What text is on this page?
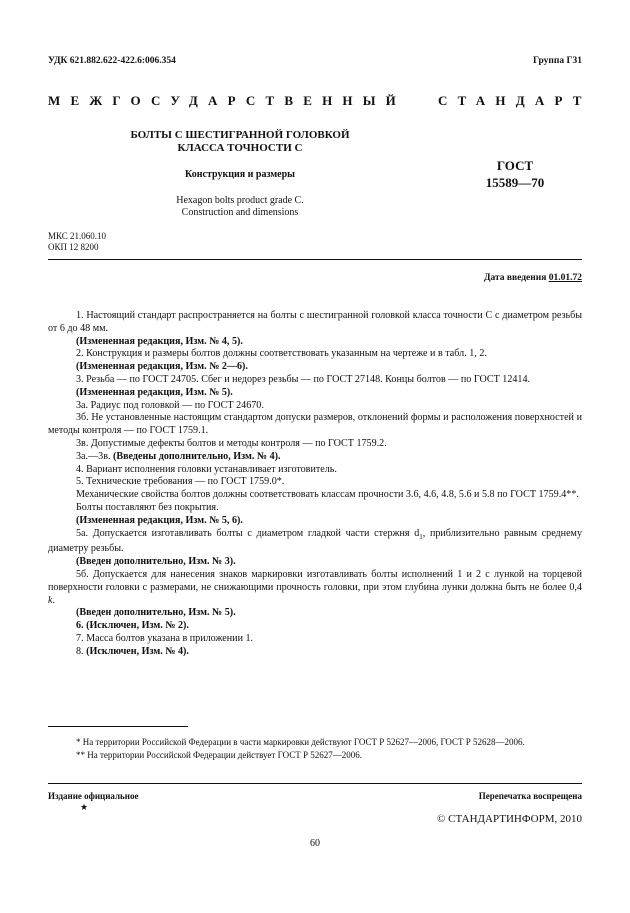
УДК 621.882.622-422.6:006.354	Группа Г31
МЕЖГОСУДАРСТВЕННЫЙ СТАНДАРТ
БОЛТЫ С ШЕСТИГРАННОЙ ГОЛОВКОЙ
КЛАССА ТОЧНОСТИ С
Конструкция и размеры
Hexagon bolts product grade C.
Construction and dimensions
ГОСТ
15589—70
МКС 21.060.10
ОКП 12 8200
Дата введения 01.01.72

1. Настоящий стандарт распространяется на болты с шестигранной головкой класса точности С с диаметром резьбы от 6 до 48 мм.

(Измененная редакция, Изм. № 4, 5).

2. Конструкция и размеры болтов должны соответствовать указанным на чертеже и в табл. 1, 2.

(Измененная редакция, Изм. № 2—6).

3. Резьба — по ГОСТ 24705. Сбег и недорез резьбы — по ГОСТ 27148. Концы болтов — по ГОСТ 12414.

(Измененная редакция, Изм. № 5).

3а. Радиус под головкой — по ГОСТ 24670.

3б. Не установленные настоящим стандартом допуски размеров, отклонений формы и расположения поверхностей и методы контроля — по ГОСТ 1759.1.

3в. Допустимые дефекты болтов и методы контроля — по ГОСТ 1759.2.

3а.—3в. (Введены дополнительно, Изм. № 4).

4. Вариант исполнения головки устанавливает изготовитель.

5. Технические требования — по ГОСТ 1759.0*.

Механические свойства болтов должны соответствовать классам прочности 3.6, 4.6, 4.8, 5.6 и 5.8 по ГОСТ 1759.4**.

Болты поставляют без покрытия.

(Измененная редакция, Изм. № 5, 6).

5а. Допускается изготавливать болты с диаметром гладкой части стержня $d_1$, приблизительно равным среднему диаметру резьбы.

(Введен дополнительно, Изм. № 3).

5б. Допускается для нанесения знаков маркировки изготавливать болты исполнений 1 и 2 с лункой на торцевой поверхности головки с размерами, не снижающими прочность головки, при этом глубина лунки должна быть не более 0,4 k.

(Введен дополнительно, Изм. № 5).

6. (Исключен, Изм. № 2).

7. Масса болтов указана в приложении 1.

8. (Исключен, Изм. № 4).

* На территории Российской Федерации в части маркировки действуют ГОСТ Р 52627—2006, ГОСТ Р 52628—2006.

** На территории Российской Федерации действует ГОСТ Р 52627—2006.

Издание официальное	Перепечатка воспрещена
★
© СТАНДАРТИНФОРМ, 2010
60
